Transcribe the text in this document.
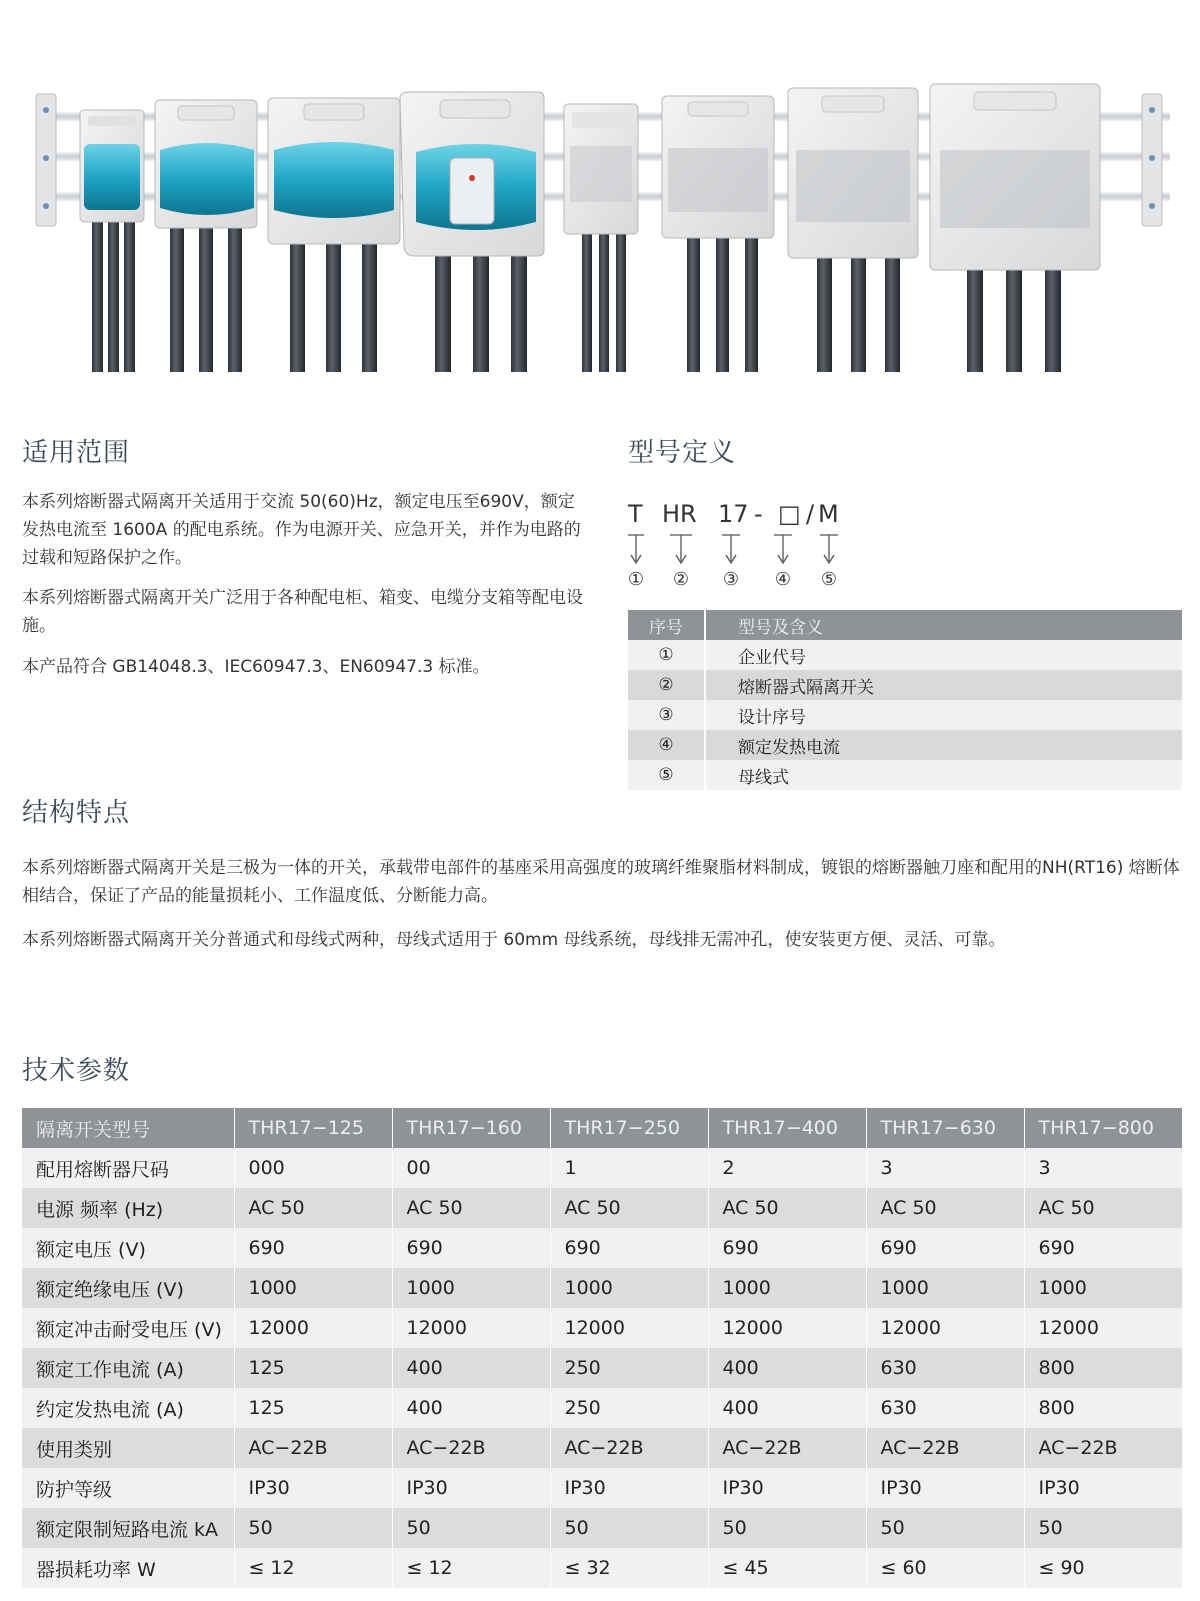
适用范围

本系列熔断器式隔离开关适用于交流 50(60)Hz，额定电压至690V，额定发热电流至 1600A 的配电系统。作为电源开关、应急开关，并作为电路的过载和短路保护之作。

本系列熔断器式隔离开关广泛用于各种配电柜、箱变、电缆分支箱等配电设施。

本产品符合 GB14048.3、IEC60947.3、EN60947.3 标准。

型号定义
T HR 17 - □ / M
① ② ③ ④ ⑤
序号	型号及含义
①	企业代号
②	熔断器式隔离开关
③	设计序号
④	额定发热电流
⑤	母线式
结构特点

本系列熔断器式隔离开关是三极为一体的开关，承载带电部件的基座采用高强度的玻璃纤维聚脂材料制成，镀银的熔断器触刀座和配用的NH(RT16) 熔断体相结合，保证了产品的能量损耗小、工作温度低、分断能力高。

本系列熔断器式隔离开关分普通式和母线式两种，母线式适用于 60mm 母线系统，母线排无需冲孔，使安装更方便、灵活、可靠。

技术参数
隔离开关型号	THR17−125	THR17−160	THR17−250	THR17−400	THR17−630	THR17−800
配用熔断器尺码	000	00	1	2	3	3
电源 频率 (Hz)	AC 50	AC 50	AC 50	AC 50	AC 50	AC 50
额定电压 (V)	690	690	690	690	690	690
额定绝缘电压 (V)	1000	1000	1000	1000	1000	1000
额定冲击耐受电压 (V)	12000	12000	12000	12000	12000	12000
额定工作电流 (A)	125	400	250	400	630	800
约定发热电流 (A)	125	400	250	400	630	800
使用类别	AC−22B	AC−22B	AC−22B	AC−22B	AC−22B	AC−22B
防护等级	IP30	IP30	IP30	IP30	IP30	IP30
额定限制短路电流 kA	50	50	50	50	50	50
器损耗功率 W	≤ 12	≤ 12	≤ 32	≤ 45	≤ 60	≤ 90
